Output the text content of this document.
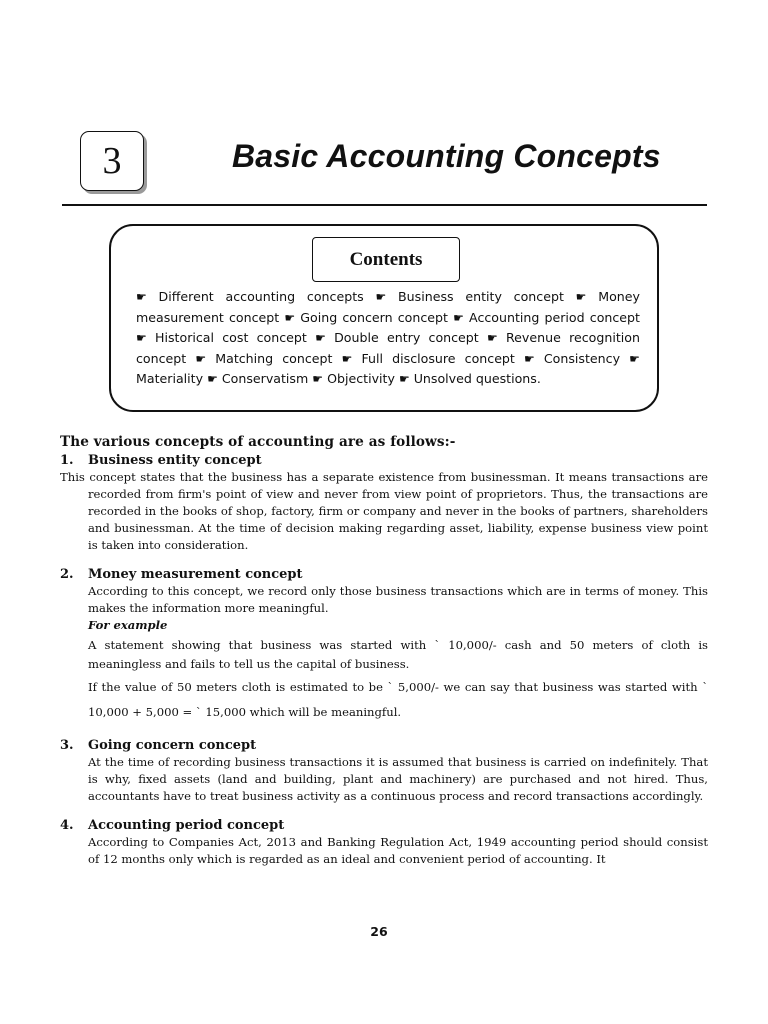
3	Basic Accounting Concepts
Contents
☛ Different accounting concepts ☛ Business entity concept ☛ Money measurement concept ☛ Going concern concept ☛ Accounting period concept ☛ Historical cost concept ☛ Double entry concept ☛ Revenue recognition concept ☛ Matching concept ☛ Full disclosure concept ☛ Consistency ☛ Materiality ☛ Conservatism ☛ Objectivity ☛ Unsolved questions.
The various concepts of accounting are as follows:-
1.	Business entity concept

This concept states that the business has a separate existence from businessman. It means transactions are recorded from firm's point of view and never from view point of proprietors. Thus, the transactions are recorded in the books of shop, factory, firm or company and never in the books of partners, shareholders and businessman. At the time of decision making regarding asset, liability, expense business view point is taken into consideration.

2.	Money measurement concept

According to this concept, we record only those business transactions which are in terms of money. This makes the information more meaningful.

For example

A statement showing that business was started with ` 10,000/- cash and 50 meters of cloth is meaningless and fails to tell us the capital of business.

If the value of 50 meters cloth is estimated to be ` 5,000/- we can say that business was started with ` 10,000 + 5,000 = ` 15,000 which will be meaningful.

3.	Going concern concept

At the time of recording business transactions it is assumed that business is carried on indefinitely. That is why, fixed assets (land and building, plant and machinery) are purchased and not hired. Thus, accountants have to treat business activity as a continuous process and record transactions accordingly.

4.	Accounting period concept

According to Companies Act, 2013 and Banking Regulation Act, 1949 accounting period should consist of 12 months only which is regarded as an ideal and convenient period of accounting. It

26
